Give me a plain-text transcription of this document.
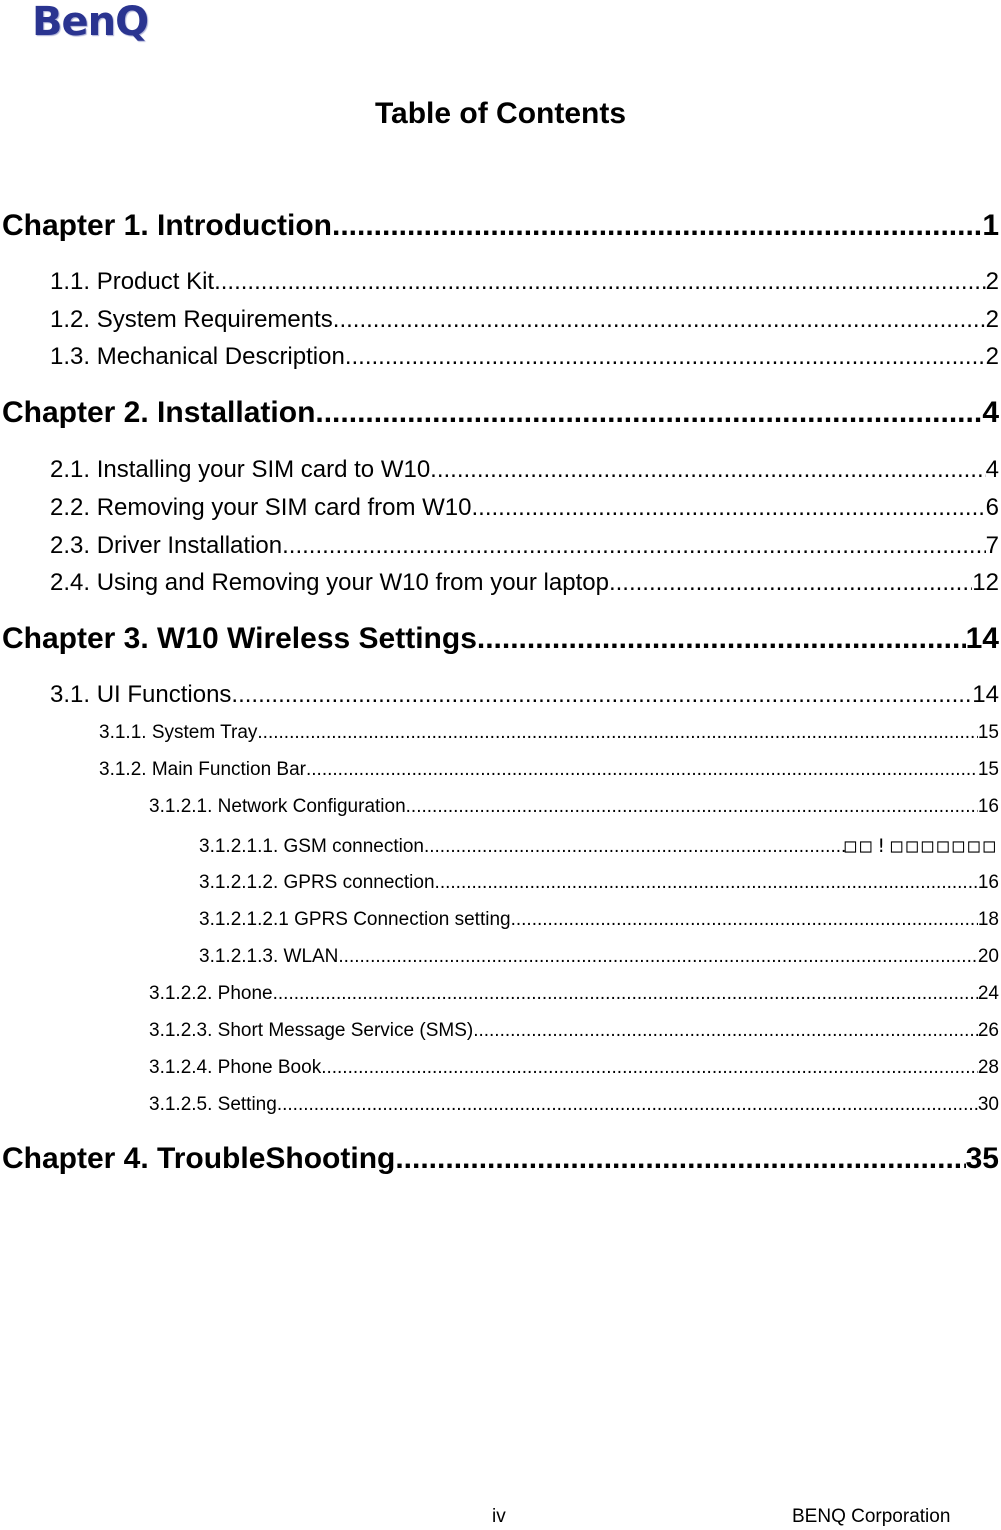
BenQ
Table of Contents
Chapter 1. Introduction .....	1
1.1. Product Kit .....	2
1.2. System Requirements .....	2
1.3. Mechanical Description .....	2
Chapter 2. Installation .....	4
2.1. Installing your SIM card to W10 .....	4
2.2. Removing your SIM card from W10 .....	6
2.3. Driver Installation .....	7
2.4. Using and Removing your W10 from your laptop .....	12
Chapter 3. W10 Wireless Settings .....	14
3.1. UI Functions .....	14
3.1.1. System Tray .....	15
3.1.2. Main Function Bar .....	15
3.1.2.1. Network Configuration .....	16
3.1.2.1.1. GSM connection .....	□□!□□□□□□□
3.1.2.1.2. GPRS connection .....	16
3.1.2.1.2.1 GPRS Connection setting .....	18
3.1.2.1.3. WLAN .....	20
3.1.2.2. Phone .....	24
3.1.2.3. Short Message Service (SMS) .....	26
3.1.2.4. Phone Book .....	28
3.1.2.5. Setting .....	30
Chapter 4. TroubleShooting .....	35
iv	BENQ Corporation
